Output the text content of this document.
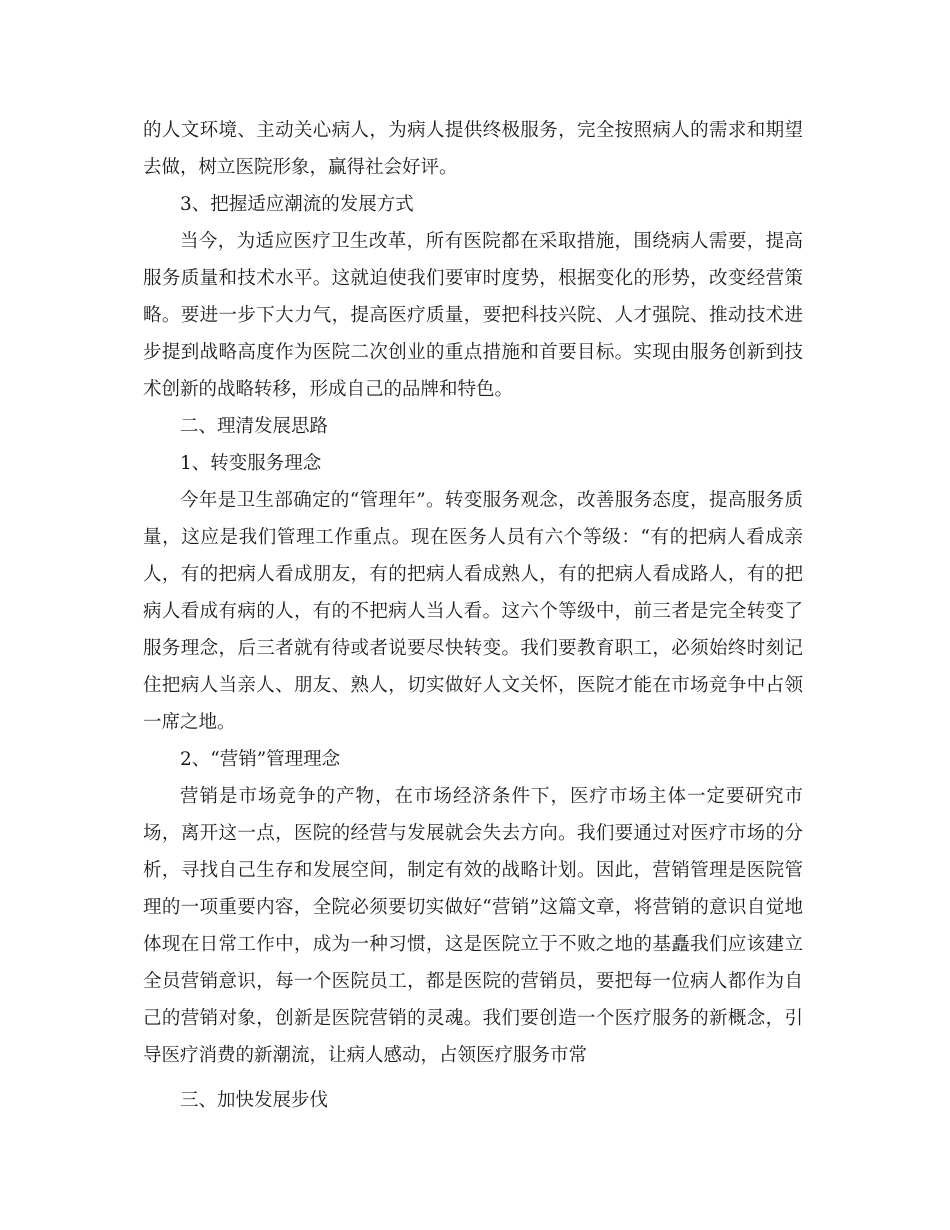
的人文环境、主动关心病人，为病人提供终极服务，完全按照病人的需求和期望去做，树立医院形象，赢得社会好评。

3、把握适应潮流的发展方式

当今，为适应医疗卫生改革，所有医院都在采取措施，围绕病人需要，提高服务质量和技术水平。这就迫使我们要审时度势，根据变化的形势，改变经营策略。要进一步下大力气，提高医疗质量，要把科技兴院、人才强院、推动技术进步提到战略高度作为医院二次创业的重点措施和首要目标。实现由服务创新到技术创新的战略转移，形成自己的品牌和特色。

二、理清发展思路

1、转变服务理念

今年是卫生部确定的“管理年”。转变服务观念，改善服务态度，提高服务质量，这应是我们管理工作重点。现在医务人员有六个等级：“有的把病人看成亲人，有的把病人看成朋友，有的把病人看成熟人，有的把病人看成路人，有的把病人看成有病的人，有的不把病人当人看。这六个等级中，前三者是完全转变了服务理念，后三者就有待或者说要尽快转变。我们要教育职工，必须始终时刻记住把病人当亲人、朋友、熟人，切实做好人文关怀，医院才能在市场竞争中占领一席之地。

2、“营销”管理理念

营销是市场竞争的产物，在市场经济条件下，医疗市场主体一定要研究市场，离开这一点，医院的经营与发展就会失去方向。我们要通过对医疗市场的分析，寻找自己生存和发展空间，制定有效的战略计划。因此，营销管理是医院管理的一项重要内容，全院必须要切实做好“营销”这篇文章，将营销的意识自觉地体现在日常工作中，成为一种习惯，这是医院立于不败之地的基矗我们应该建立全员营销意识，每一个医院员工，都是医院的营销员，要把每一位病人都作为自己的营销对象，创新是医院营销的灵魂。我们要创造一个医疗服务的新概念，引导医疗消费的新潮流，让病人感动，占领医疗服务市常

三、加快发展步伐
